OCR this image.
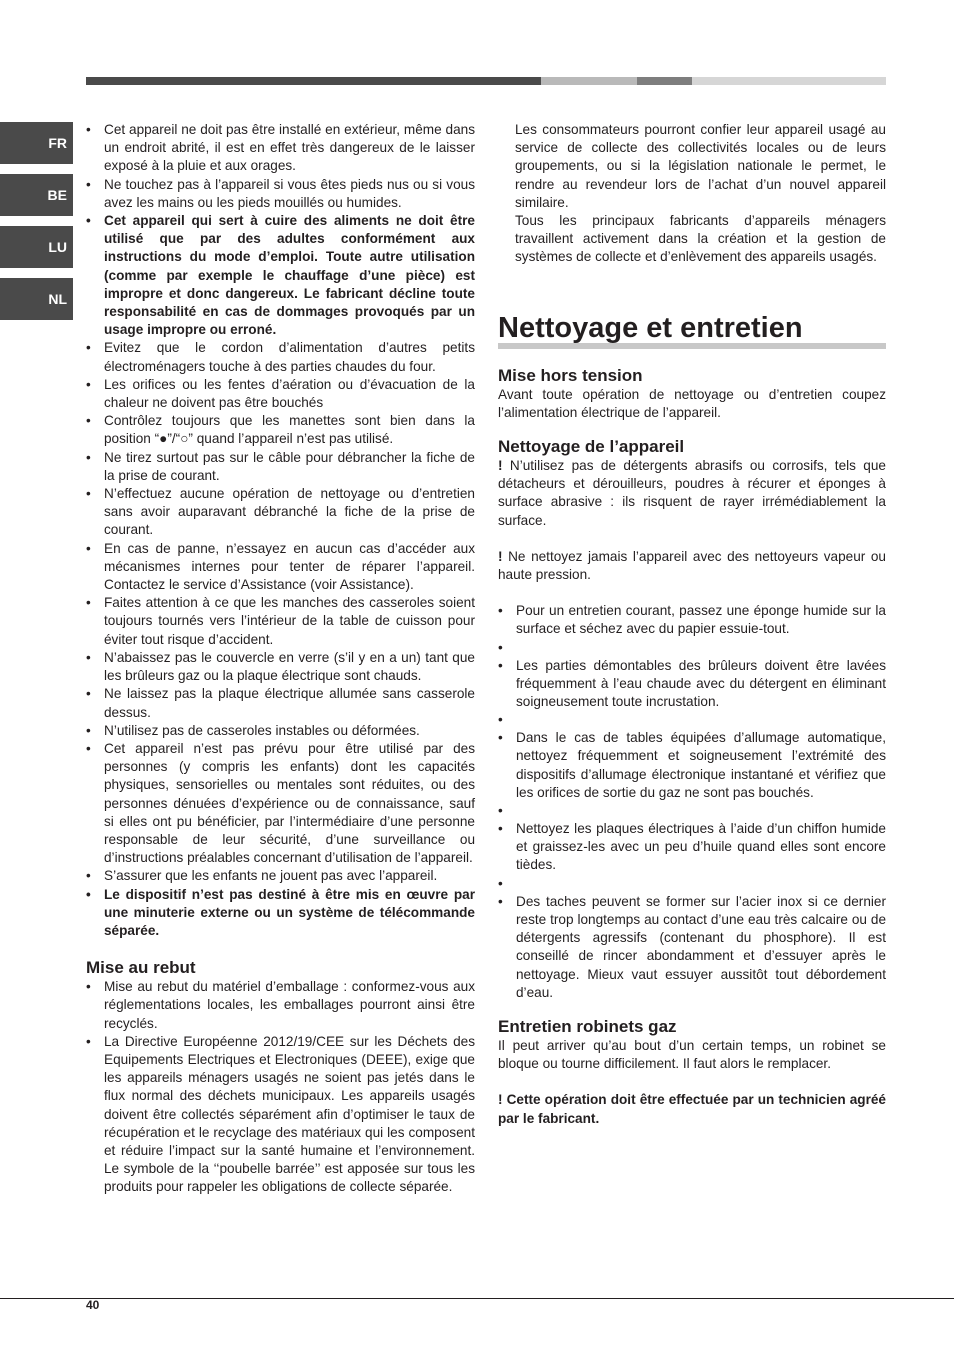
FR
BE
LU
NL
• Cet appareil ne doit pas être installé en extérieur, même dans un endroit abrité, il est en effet très dangereux de le laisser exposé à la pluie et aux orages.
• Ne touchez pas à l’appareil si vous êtes pieds nus ou si vous avez les mains ou les pieds mouillés ou humides.
• Cet appareil qui sert à cuire des aliments ne doit être utilisé que par des adultes conformément aux instructions du mode d’emploi. Toute autre utilisation (comme par exemple le chauffage d’une pièce) est impropre et donc dangereux. Le fabricant décline toute responsabilité en cas de dommages provoqués par un usage impropre ou erroné.
• Evitez que le cordon d’alimentation d’autres petits électroménagers touche à des parties chaudes du four.
• Les orifices ou les fentes d’aération ou d’évacuation de la chaleur ne doivent pas être bouchés
• Contrôlez toujours que les manettes sont bien dans la position “●”/“○” quand l’appareil n’est pas utilisé.
• Ne tirez surtout pas sur le câble pour débrancher la fiche de la prise de courant.
• N’effectuez aucune opération de nettoyage ou d’entretien sans avoir auparavant débranché la fiche de la prise de courant.
• En cas de panne, n’essayez en aucun cas d’accéder aux mécanismes internes pour tenter de réparer l’appareil. Contactez le service d’Assistance (voir Assistance).
• Faites attention à ce que les manches des casseroles soient toujours tournés vers l’intérieur de la table de cuisson pour éviter tout risque d’accident.
• N’abaissez pas le couvercle en verre (s’il y en a un) tant que les brûleurs gaz ou la plaque électrique sont chauds.
• Ne laissez pas la plaque électrique allumée sans casserole dessus.
• N’utilisez pas de casseroles instables ou déformées.
• Cet appareil n’est pas prévu pour être utilisé par des personnes (y compris les enfants) dont les capacités physiques, sensorielles ou mentales sont réduites, ou des personnes dénuées d’expérience ou de connaissance, sauf si elles ont pu bénéficier, par l’intermédiaire d’une personne responsable de leur sécurité, d’une surveillance ou d’instructions préalables concernant d’utilisation de l’appareil.
• S’assurer que les enfants ne jouent pas avec l’appareil.
• Le dispositif n’est pas destiné à être mis en œuvre par une minuterie externe ou un système de télécommande séparée.
Mise au rebut
• Mise au rebut du matériel d’emballage : conformez-vous aux réglementations locales, les emballages pourront ainsi être recyclés.
• La Directive Européenne 2012/19/CEE sur les Déchets des Equipements Electriques et Electroniques (DEEE), exige que les appareils ménagers usagés ne soient pas jetés dans le flux normal des déchets municipaux. Les appareils usagés doivent être collectés séparément afin d’optimiser le taux de récupération et le recyclage des matériaux qui les composent et réduire l’impact sur la santé humaine et l’environnement. Le symbole de la ‘‘poubelle barrée’’ est apposée sur tous les produits pour rappeler les obligations de collecte séparée.

Les consommateurs pourront confier leur appareil usagé au service de collecte des collectivités locales ou de leurs groupements, ou si la législation nationale le permet, le rendre au revendeur lors de l’achat d’un nouvel appareil similaire.

Tous les principaux fabricants d’appareils ménagers travaillent activement dans la création et la gestion de systèmes de collecte et d’enlèvement des appareils usagés.

Nettoyage et entretien
Mise hors tension

Avant toute opération de nettoyage ou d’entretien coupez l’alimentation électrique de l’appareil.

Nettoyage de l’appareil

! N’utilisez pas de détergents abrasifs ou corrosifs, tels que détacheurs et dérouilleurs, poudres à récurer et éponges à surface abrasive : ils risquent de rayer irrémédiablement la surface.

! Ne nettoyez jamais l’appareil avec des nettoyeurs vapeur ou haute pression.

• Pour un entretien courant, passez une éponge humide sur la surface et séchez avec du papier essuie-tout.
•
• Les parties démontables des brûleurs doivent être lavées fréquemment à l’eau chaude avec du détergent en éliminant soigneusement toute incrustation.
•
• Dans le cas de tables équipées d’allumage automatique, nettoyez fréquemment et soigneusement l’extrémité des dispositifs d’allumage électronique instantané et vérifiez que les orifices de sortie du gaz ne sont pas bouchés.
•
• Nettoyez les plaques électriques à l’aide d’un chiffon humide et graissez-les avec un peu d’huile quand elles sont encore tièdes.
•
• Des taches peuvent se former sur l’acier inox si ce dernier reste trop longtemps au contact d’une eau très calcaire ou de détergents agressifs (contenant du phosphore). Il est conseillé de rincer abondamment et d’essuyer après le nettoyage. Mieux vaut essuyer aussitôt tout débordement d’eau.
Entretien robinets gaz

Il peut arriver qu’au bout d’un certain temps, un robinet se bloque ou tourne difficilement. Il faut alors le remplacer.

! Cette opération doit être effectuée par un technicien agréé par le fabricant.

40
